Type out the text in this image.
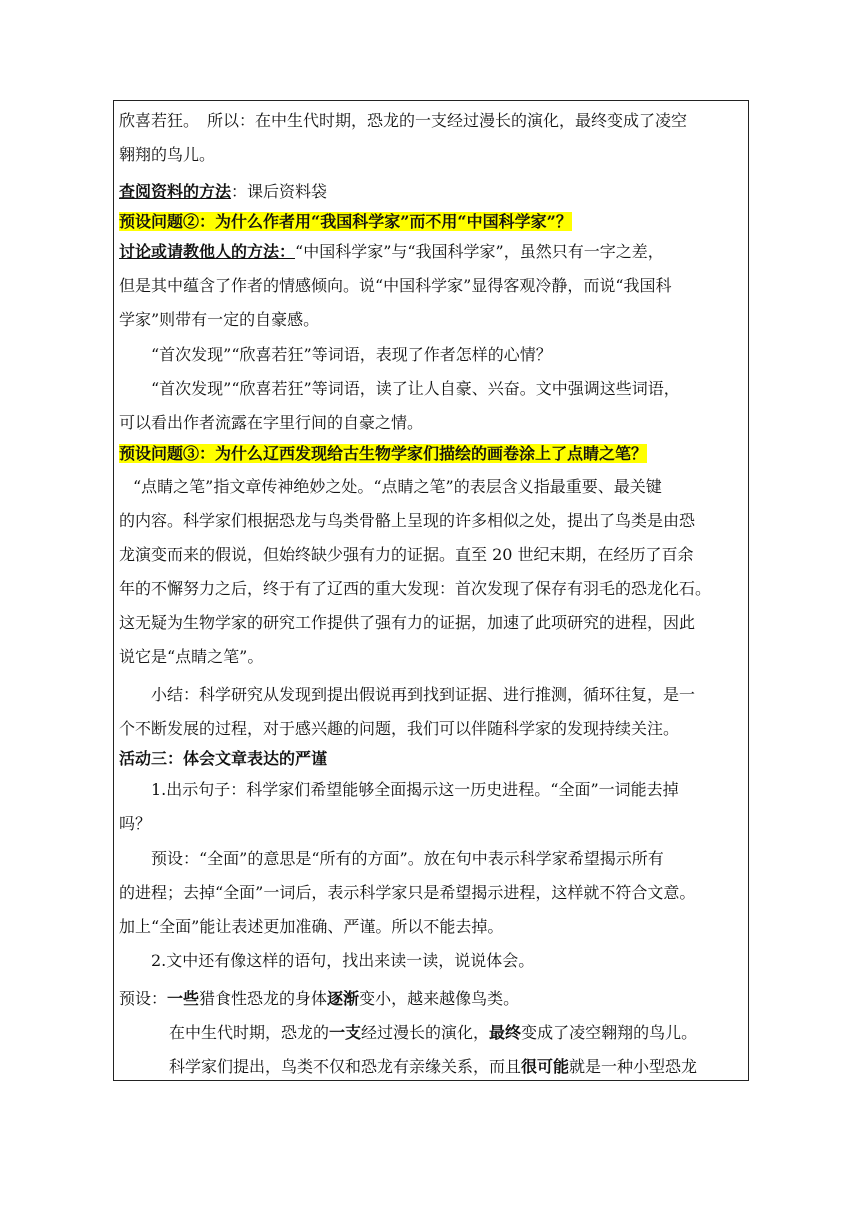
欣喜若狂。　所以：在中生代时期，恐龙的一支经过漫长的演化，最终变成了凌空
翱翔的鸟儿。
查阅资料的方法：课后资料袋
预设问题②：为什么作者用“我国科学家”而不用“中国科学家”？
讨论或请教他人的方法：“中国科学家”与“我国科学家”，虽然只有一字之差，
但是其中蕴含了作者的情感倾向。说“中国科学家”显得客观冷静，而说“我国科
学家”则带有一定的自豪感。
“首次发现”“欣喜若狂”等词语，表现了作者怎样的心情？
“首次发现”“欣喜若狂”等词语，读了让人自豪、兴奋。文中强调这些词语，
可以看出作者流露在字里行间的自豪之情。
预设问题③：为什么辽西发现给古生物学家们描绘的画卷涂上了点睛之笔？
“点睛之笔”指文章传神绝妙之处。“点睛之笔”的表层含义指最重要、最关键
的内容。科学家们根据恐龙与鸟类骨骼上呈现的许多相似之处，提出了鸟类是由恐
龙演变而来的假说，但始终缺少强有力的证据。直至 20 世纪末期，在经历了百余
年的不懈努力之后，终于有了辽西的重大发现：首次发现了保存有羽毛的恐龙化石。
这无疑为生物学家的研究工作提供了强有力的证据，加速了此项研究的进程，因此
说它是“点睛之笔”。
小结：科学研究从发现到提出假说再到找到证据、进行推测，循环往复，是一
个不断发展的过程，对于感兴趣的问题，我们可以伴随科学家的发现持续关注。
活动三：体会文章表达的严谨
1.出示句子：科学家们希望能够全面揭示这一历史进程。“全面”一词能去掉
吗？
预设：“全面”的意思是“所有的方面”。放在句中表示科学家希望揭示所有
的进程；去掉“全面”一词后，表示科学家只是希望揭示进程，这样就不符合文意。
加上“全面”能让表述更加准确、严谨。所以不能去掉。
2.文中还有像这样的语句，找出来读一读，说说体会。
预设：一些猎食性恐龙的身体逐渐变小，越来越像鸟类。
在中生代时期，恐龙的一支经过漫长的演化，最终变成了凌空翱翔的鸟儿。
科学家们提出，鸟类不仅和恐龙有亲缘关系，而且很可能就是一种小型恐龙
